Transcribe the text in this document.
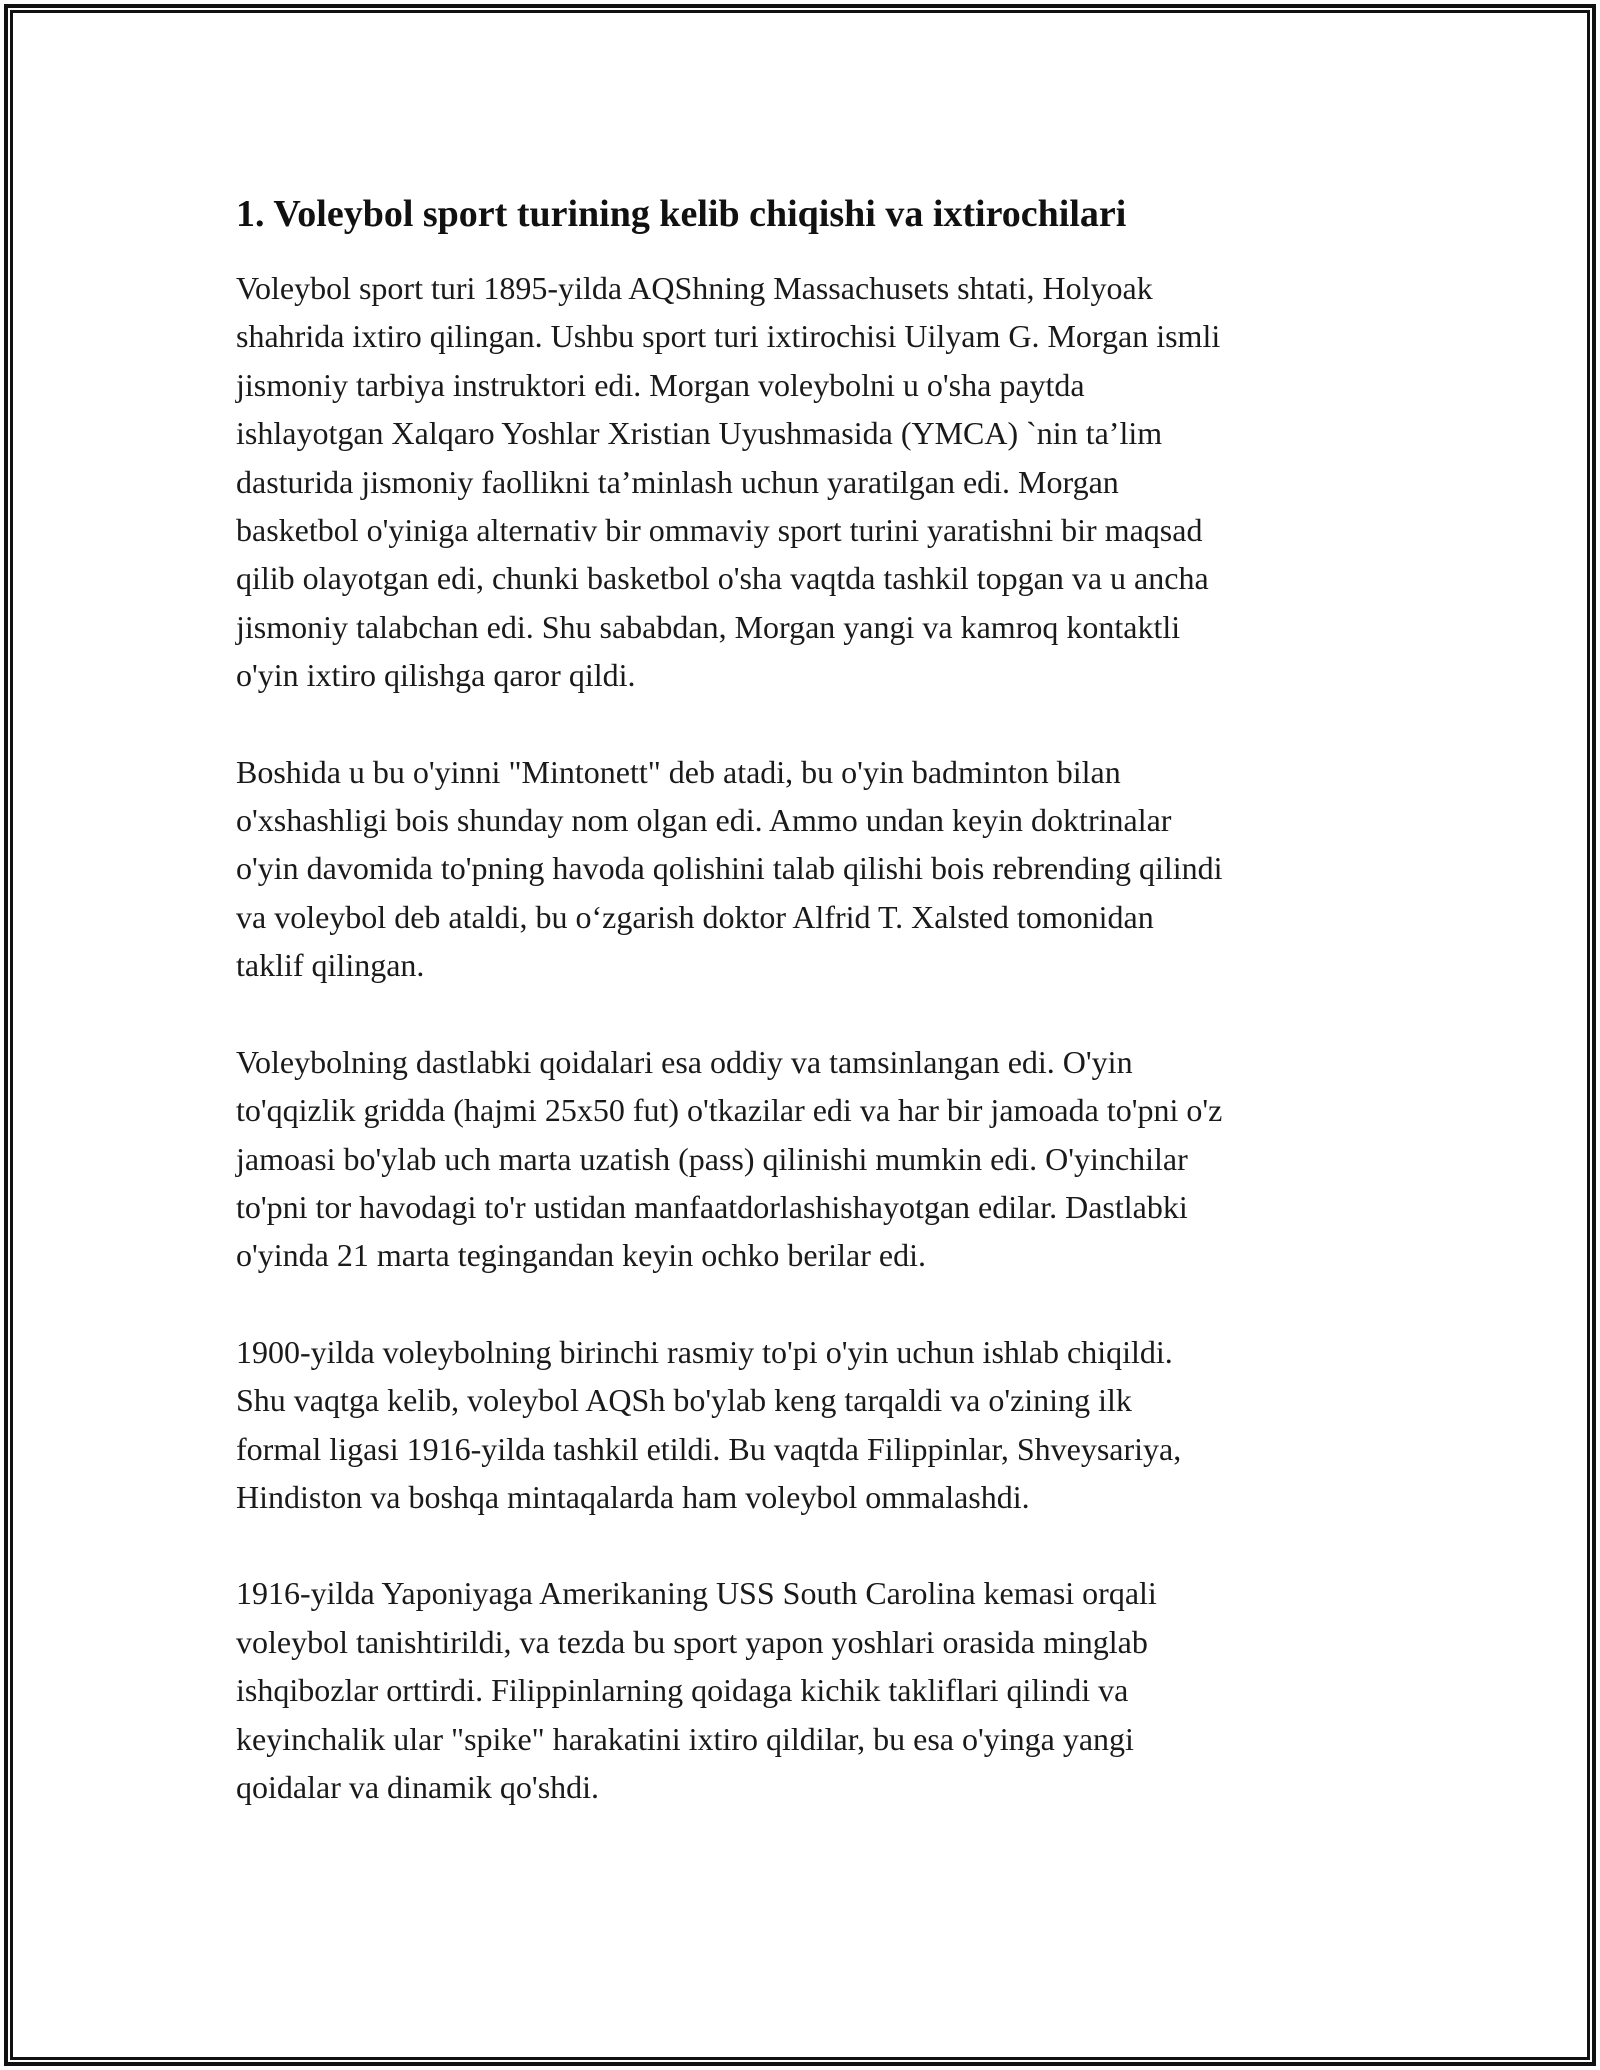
1. Voleybol sport turining kelib chiqishi va ixtirochilari

Voleybol sport turi 1895-yilda AQShning Massachusets shtati, Holyoak
shahrida ixtiro qilingan. Ushbu sport turi ixtirochisi Uilyam G. Morgan ismli
jismoniy tarbiya instruktori edi. Morgan voleybolni u o'sha paytda
ishlayotgan Xalqaro Yoshlar Xristian Uyushmasida (YMCA) `nin ta’lim
dasturida jismoniy faollikni ta’minlash uchun yaratilgan edi. Morgan
basketbol o'yiniga alternativ bir ommaviy sport turini yaratishni bir maqsad
qilib olayotgan edi, chunki basketbol o'sha vaqtda tashkil topgan va u ancha
jismoniy talabchan edi. Shu sababdan, Morgan yangi va kamroq kontaktli
o'yin ixtiro qilishga qaror qildi.

Boshida u bu o'yinni "Mintonett" deb atadi, bu o'yin badminton bilan
o'xshashligi bois shunday nom olgan edi. Ammo undan keyin doktrinalar
o'yin davomida to'pning havoda qolishini talab qilishi bois rebrending qilindi
va voleybol deb ataldi, bu o‘zgarish doktor Alfrid T. Xalsted tomonidan
taklif qilingan.

Voleybolning dastlabki qoidalari esa oddiy va tamsinlangan edi. O'yin
to'qqizlik gridda (hajmi 25x50 fut) o'tkazilar edi va har bir jamoada to'pni o'z
jamoasi bo'ylab uch marta uzatish (pass) qilinishi mumkin edi. O'yinchilar
to'pni tor havodagi to'r ustidan manfaatdorlashishayotgan edilar. Dastlabki
o'yinda 21 marta tegingandan keyin ochko berilar edi.

1900-yilda voleybolning birinchi rasmiy to'pi o'yin uchun ishlab chiqildi.
Shu vaqtga kelib, voleybol AQSh bo'ylab keng tarqaldi va o'zining ilk
formal ligasi 1916-yilda tashkil etildi. Bu vaqtda Filippinlar, Shveysariya,
Hindiston va boshqa mintaqalarda ham voleybol ommalashdi.

1916-yilda Yaponiyaga Amerikaning USS South Carolina kemasi orqali
voleybol tanishtirildi, va tezda bu sport yapon yoshlari orasida minglab
ishqibozlar orttirdi. Filippinlarning qoidaga kichik takliflari qilindi va
keyinchalik ular "spike" harakatini ixtiro qildilar, bu esa o'yinga yangi
qoidalar va dinamik qo'shdi.
